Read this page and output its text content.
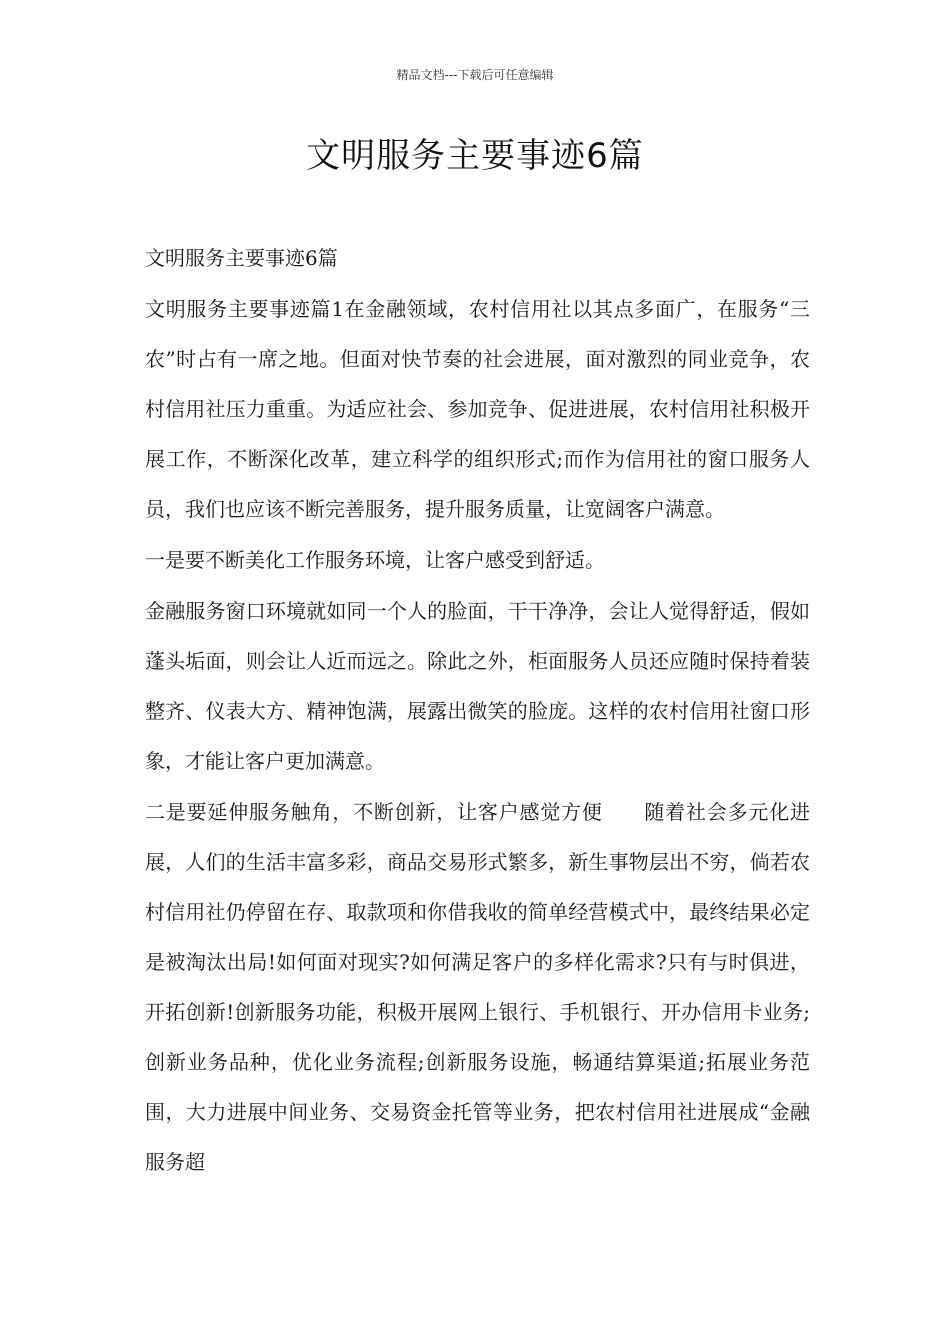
精品文档---下载后可任意编辑
文明服务主要事迹6篇

文明服务主要事迹6篇

文明服务主要事迹篇1在金融领域，农村信用社以其点多面广，在服务“三农”时占有一席之地。但面对快节奏的社会进展，面对激烈的同业竞争，农村信用社压力重重。为适应社会、参加竞争、促进进展，农村信用社积极开展工作，不断深化改革，建立科学的组织形式;而作为信用社的窗口服务人员，我们也应该不断完善服务，提升服务质量，让宽阔客户满意。

一是要不断美化工作服务环境，让客户感受到舒适。

金融服务窗口环境就如同一个人的脸面，干干净净，会让人觉得舒适，假如蓬头垢面，则会让人近而远之。除此之外，柜面服务人员还应随时保持着装整齐、仪表大方、精神饱满，展露出微笑的脸庞。这样的农村信用社窗口形象，才能让客户更加满意。

二是要延伸服务触角，不断创新，让客户感觉方便　　随着社会多元化进展，人们的生活丰富多彩，商品交易形式繁多，新生事物层出不穷，倘若农村信用社仍停留在存、取款项和你借我收的简单经营模式中，最终结果必定是被淘汰出局!如何面对现实?如何满足客户的多样化需求?只有与时俱进，开拓创新!创新服务功能，积极开展网上银行、手机银行、开办信用卡业务;创新业务品种，优化业务流程;创新服务设施，畅通结算渠道;拓展业务范围，大力进展中间业务、交易资金托管等业务，把农村信用社进展成“金融服务超
